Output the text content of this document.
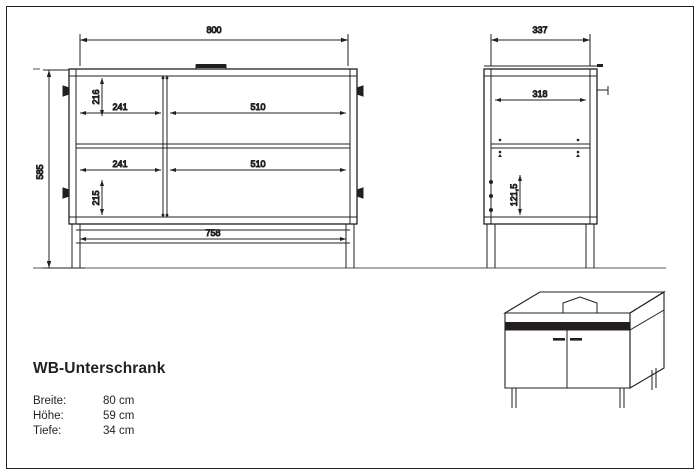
800
585
216
215
241	510
241	510
758
337
318
121,5
WB-Unterschrank
Breite:	80 cm
Höhe:	59 cm
Tiefe:	34 cm
